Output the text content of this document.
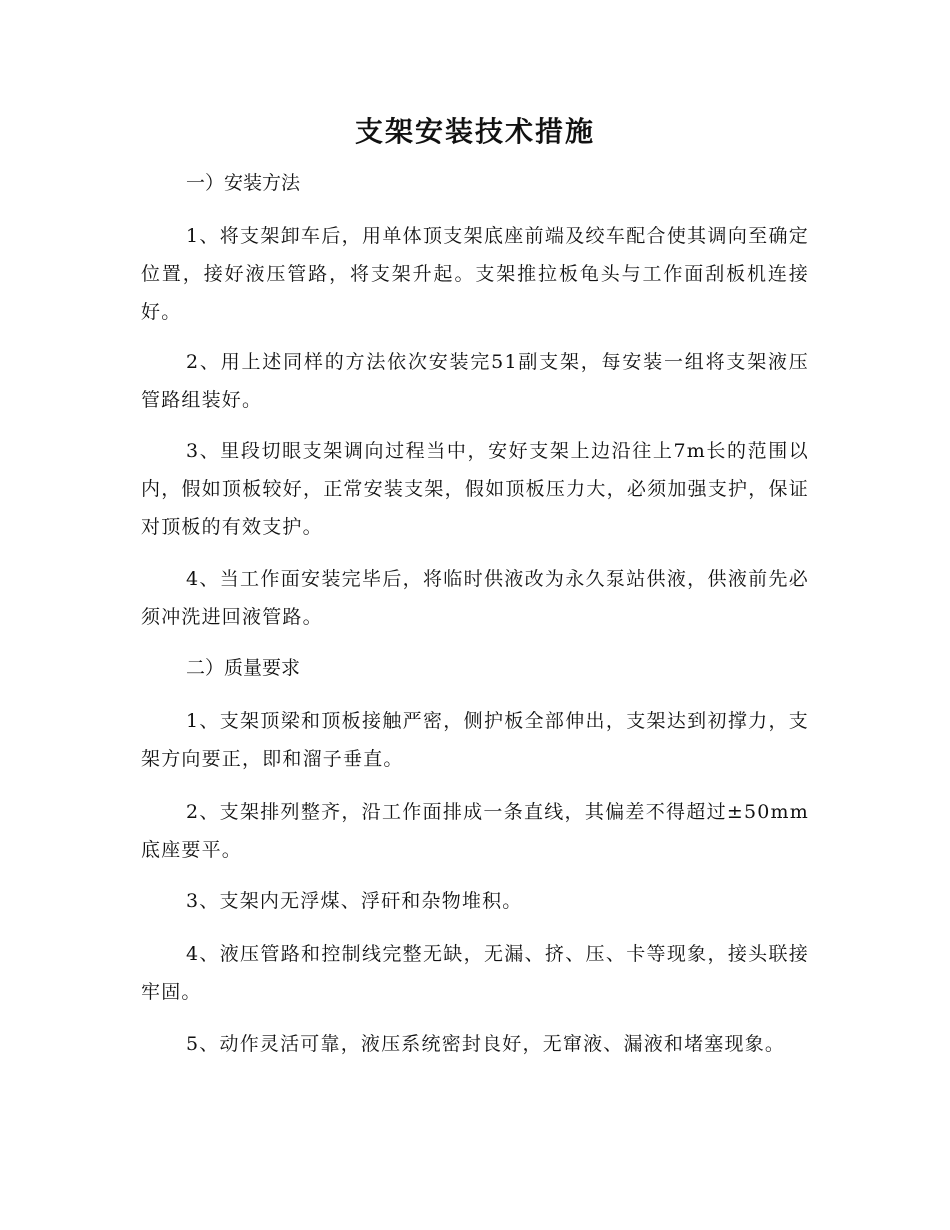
支架安装技术措施

一）安装方法

1、将支架卸车后，用单体顶支架底座前端及绞车配合使其调向至确定位置，接好液压管路，将支架升起。支架推拉板龟头与工作面刮板机连接好。

2、用上述同样的方法依次安装完51副支架，每安装一组将支架液压管路组装好。

3、里段切眼支架调向过程当中，安好支架上边沿往上7m长的范围以内，假如顶板较好，正常安装支架，假如顶板压力大，必须加强支护，保证对顶板的有效支护。

4、当工作面安装完毕后，将临时供液改为永久泵站供液，供液前先必须冲洗进回液管路。

二）质量要求

1、支架顶梁和顶板接触严密，侧护板全部伸出，支架达到初撑力，支架方向要正，即和溜子垂直。

2、支架排列整齐，沿工作面排成一条直线，其偏差不得超过±50mm底座要平。

3、支架内无浮煤、浮矸和杂物堆积。

4、液压管路和控制线完整无缺，无漏、挤、压、卡等现象，接头联接牢固。

5、动作灵活可靠，液压系统密封良好，无窜液、漏液和堵塞现象。
